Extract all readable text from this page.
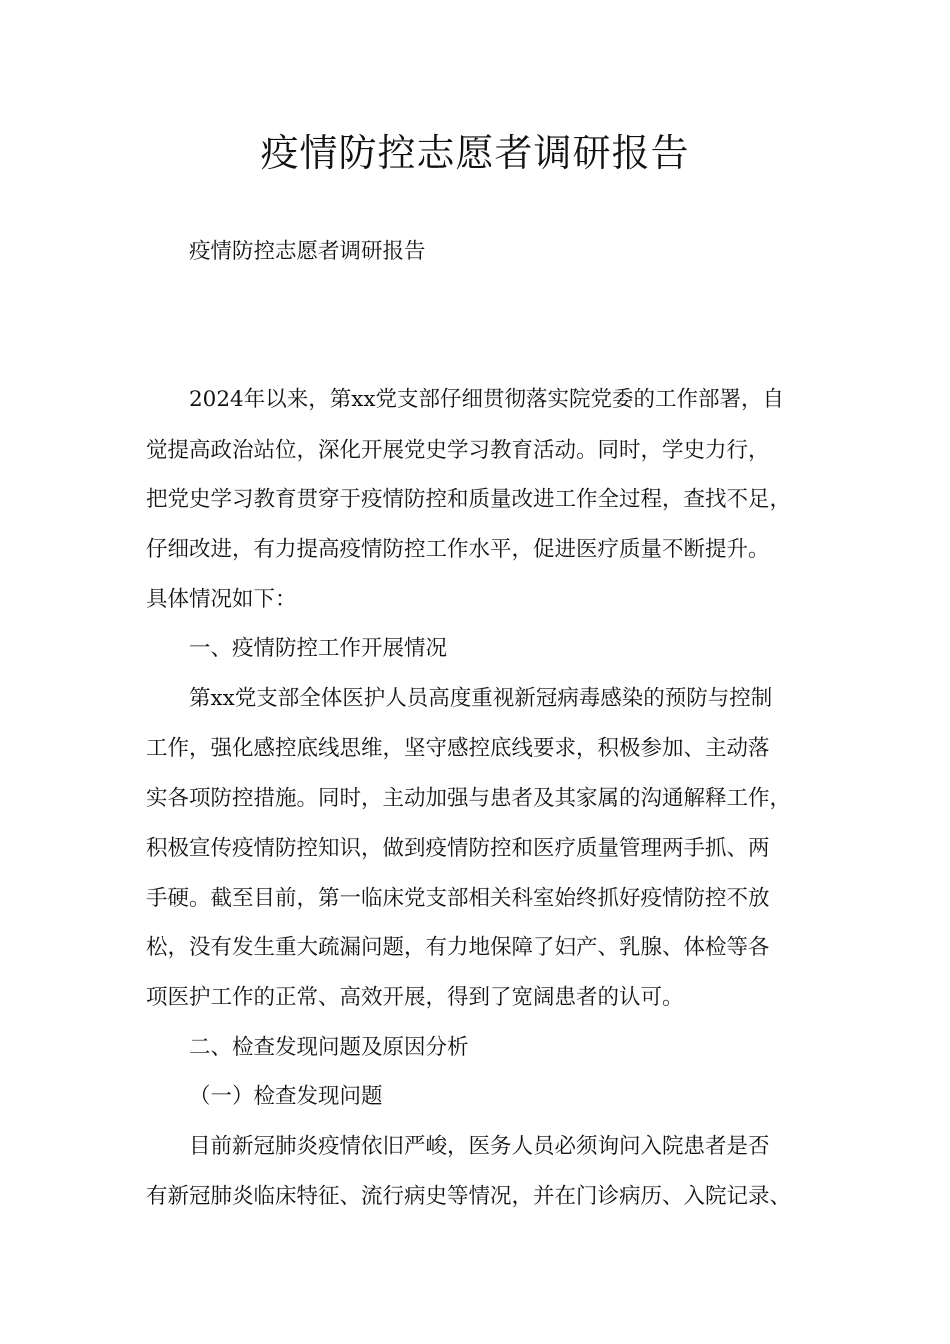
疫情防控志愿者调研报告

疫情防控志愿者调研报告

2024年以来，第xx党支部仔细贯彻落实院党委的工作部署，自

觉提高政治站位，深化开展党史学习教育活动。同时，学史力行，

把党史学习教育贯穿于疫情防控和质量改进工作全过程，查找不足，

仔细改进，有力提高疫情防控工作水平，促进医疗质量不断提升。

具体情况如下：

一、疫情防控工作开展情况

第xx党支部全体医护人员高度重视新冠病毒感染的预防与控制

工作，强化感控底线思维，坚守感控底线要求，积极参加、主动落

实各项防控措施。同时，主动加强与患者及其家属的沟通解释工作，

积极宣传疫情防控知识，做到疫情防控和医疗质量管理两手抓、两

手硬。截至目前，第一临床党支部相关科室始终抓好疫情防控不放

松，没有发生重大疏漏问题，有力地保障了妇产、乳腺、体检等各

项医护工作的正常、高效开展，得到了宽阔患者的认可。

二、检查发现问题及原因分析

（一）检查发现问题

目前新冠肺炎疫情依旧严峻，医务人员必须询问入院患者是否

有新冠肺炎临床特征、流行病史等情况，并在门诊病历、入院记录、
